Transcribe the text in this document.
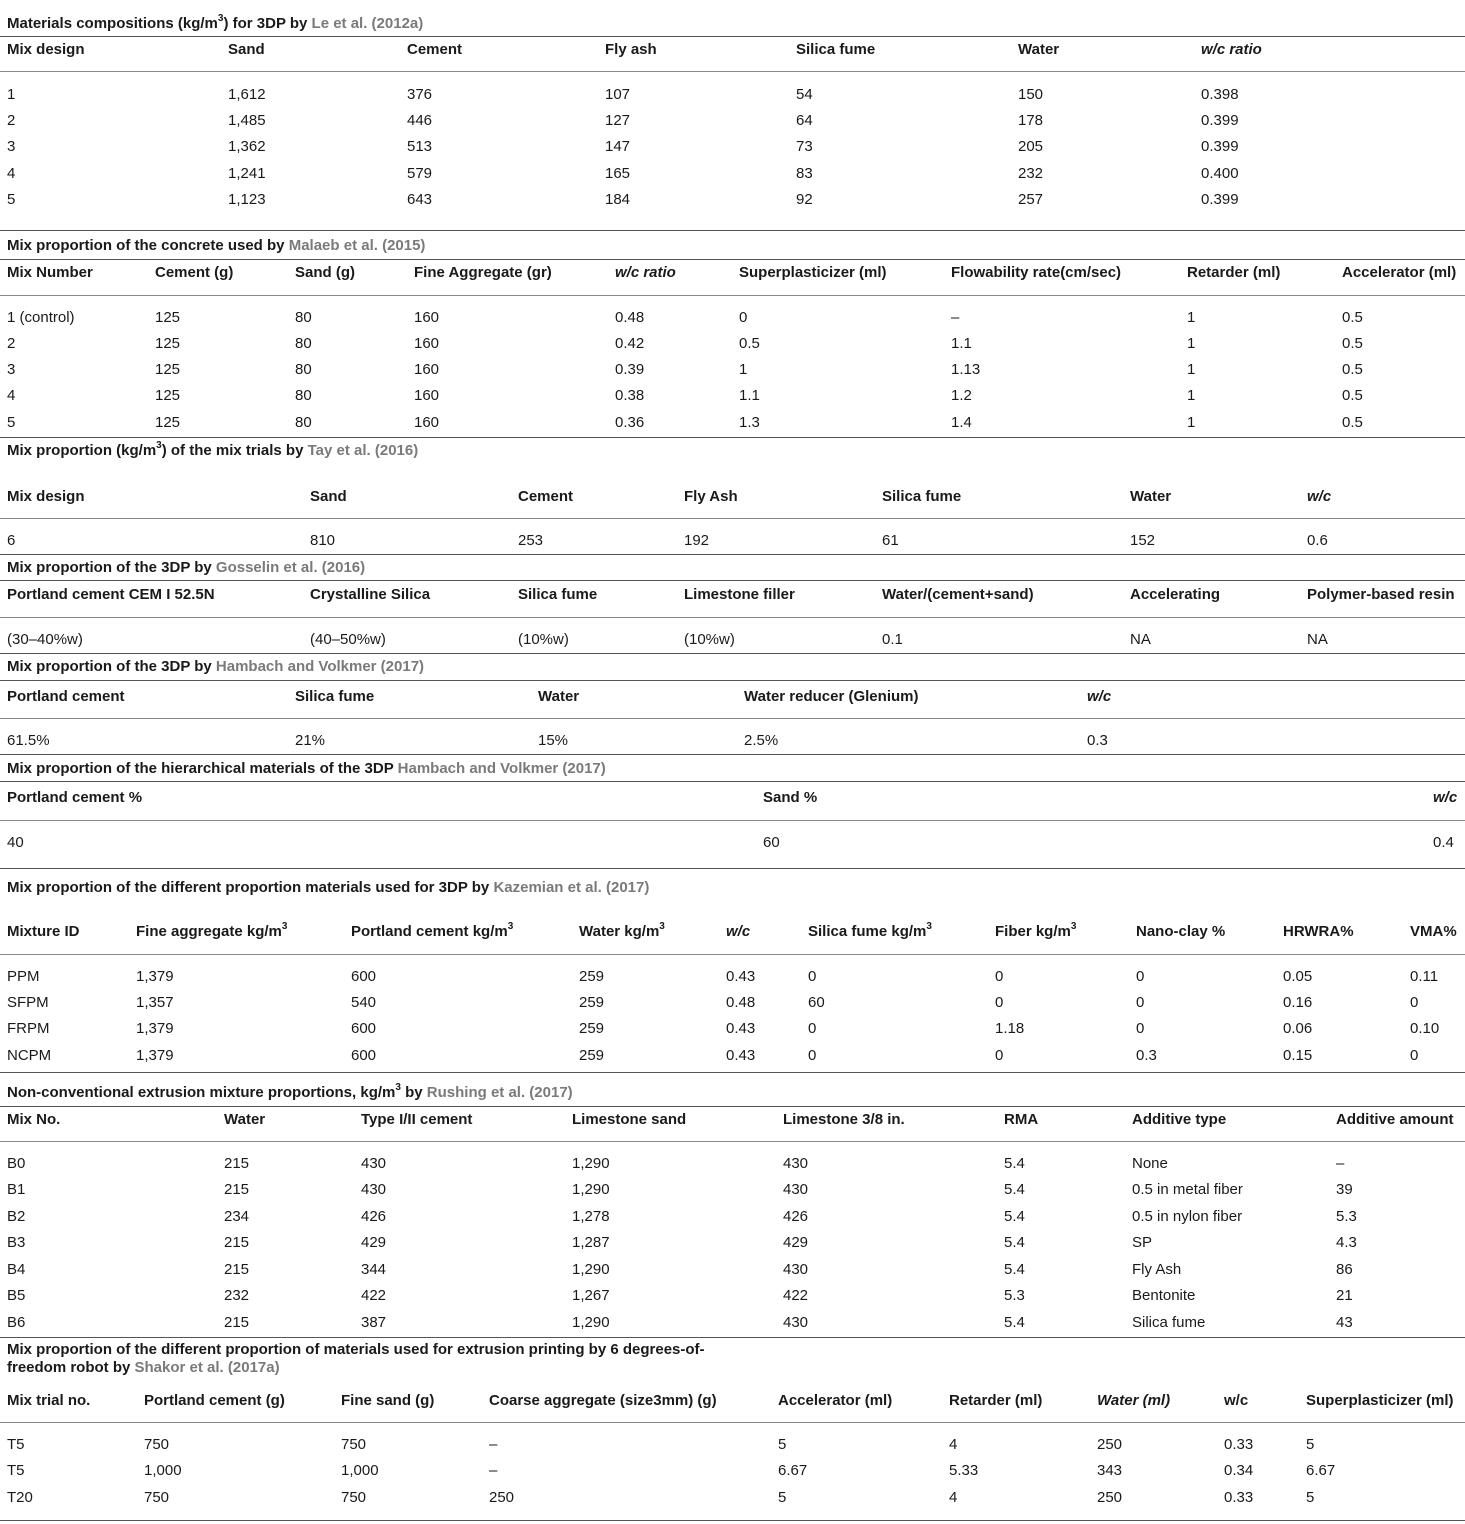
Materials compositions $(kg/m^3)$ for 3DP by Le et al. (2012a)
Mix design	Sand	Cement	Fly ash	Silica fume	Water	w/c ratio
1	1,612	376	107	54	150	0.398
2	1,485	446	127	64	178	0.399
3	1,362	513	147	73	205	0.399
4	1,241	579	165	83	232	0.400
5	1,123	643	184	92	257	0.399
Mix proportion of the concrete used by Malaeb et al. (2015)
Mix Number	Cement (g)	Sand (g)	Fine Aggregate (gr)	w/c ratio	Superplasticizer (ml)	Flowability rate(cm/sec)	Retarder (ml)	Accelerator (ml)
1 (control)	125	80	160	0.48	0	–	1	0.5
2	125	80	160	0.42	0.5	1.1	1	0.5
3	125	80	160	0.39	1	1.13	1	0.5
4	125	80	160	0.38	1.1	1.2	1	0.5
5	125	80	160	0.36	1.3	1.4	1	0.5
Mix proportion $(kg/m^3)$ of the mix trials by Tay et al. (2016)
Mix design	Sand	Cement	Fly Ash	Silica fume	Water	w/c
6	810	253	192	61	152	0.6
Mix proportion of the 3DP by Gosselin et al. (2016)
Portland cement CEM I 52.5N	Crystalline Silica	Silica fume	Limestone filler	Water/(cement+sand)	Accelerating	Polymer-based resin
(30–40%w)	(40–50%w)	(10%w)	(10%w)	0.1	NA	NA
Mix proportion of the 3DP by Hambach and Volkmer (2017)
Portland cement	Silica fume	Water	Water reducer (Glenium)	w/c
61.5%	21%	15%	2.5%	0.3
Mix proportion of the hierarchical materials of the 3DP Hambach and Volkmer (2017)
Portland cement %	Sand %	w/c
40	60	0.4
Mix proportion of the different proportion materials used for 3DP by Kazemian et al. (2017)
Mixture ID	Fine aggregate $kg/m^3$	Portland cement $kg/m^3$	Water $kg/m^3$	w/c	Silica fume $kg/m^3$	Fiber $kg/m^3$	Nano-clay %	HRWRA%	VMA%
PPM	1,379	600	259	0.43	0	0	0	0.05	0.11
SFPM	1,357	540	259	0.48	60	0	0	0.16	0
FRPM	1,379	600	259	0.43	0	1.18	0	0.06	0.10
NCPM	1,379	600	259	0.43	0	0	0.3	0.15	0
Non-conventional extrusion mixture proportions, $kg/m^3$ by Rushing et al. (2017)
Mix No.	Water	Type I/II cement	Limestone sand	Limestone 3/8 in.	RMA	Additive type	Additive amount
B0	215	430	1,290	430	5.4	None	–
B1	215	430	1,290	430	5.4	0.5 in metal fiber	39
B2	234	426	1,278	426	5.4	0.5 in nylon fiber	5.3
B3	215	429	1,287	429	5.4	SP	4.3
B4	215	344	1,290	430	5.4	Fly Ash	86
B5	232	422	1,267	422	5.3	Bentonite	21
B6	215	387	1,290	430	5.4	Silica fume	43
Mix proportion of the different proportion of materials used for extrusion printing by 6 degrees-of-freedom robot by Shakor et al. (2017a)
Mix trial no.	Portland cement (g)	Fine sand (g)	Coarse aggregate (size3mm) (g)	Accelerator (ml)	Retarder (ml)	Water (ml)	w/c	Superplasticizer (ml)
T5	750	750	–	5	4	250	0.33	5
T5	1,000	1,000	–	6.67	5.33	343	0.34	6.67
T20	750	750	250	5	4	250	0.33	5
